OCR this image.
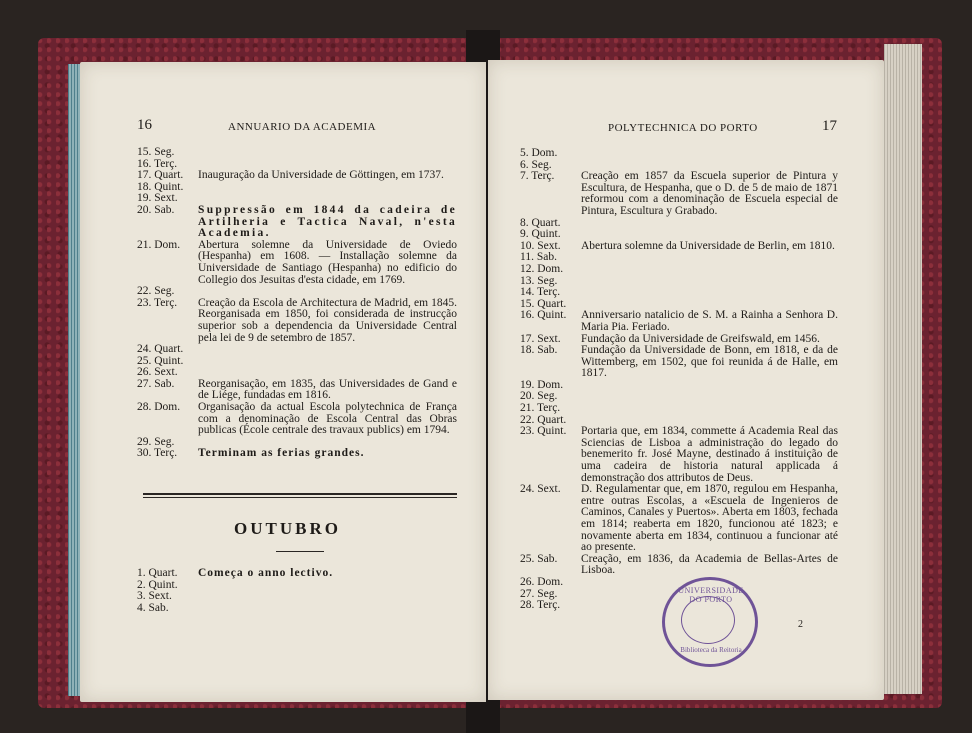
16	ANNUARIO DA ACADEMIA
15. Seg.
16. Terç.
17. Quart.	Inauguração da Universidade de Göttingen, em 1737.
18. Quint.
19. Sext.
20. Sab.	Suppressão em 1844 da cadeira de Artilheria e Tactica Naval, n'esta Academia.
21. Dom.	Abertura solemne da Universidade de Oviedo (Hespanha) em 1608. — Installação solemne da Universidade de Santiago (Hespanha) no edificio do Collegio dos Jesuitas d'esta cidade, em 1769.
22. Seg.
23. Terç.	Creação da Escola de Architectura de Madrid, em 1845. Reorganisada em 1850, foi considerada de instrucção superior sob a dependencia da Universidade Central pela lei de 9 de setembro de 1857.
24. Quart.
25. Quint.
26. Sext.
27. Sab.	Reorganisação, em 1835, das Universidades de Gand e de Liége, fundadas em 1816.
28. Dom.	Organisação da actual Escola polytechnica de França com a denominação de Escola Central das Obras publicas (École centrale des travaux publics) em 1794.
29. Seg.
30. Terç.	Terminam as ferias grandes.
OUTUBRO
1. Quart.	Começa o anno lectivo.
2. Quint.
3. Sext.
4. Sab.
POLYTECHNICA DO PORTO	17
5. Dom.
6. Seg.
7. Terç.	Creação em 1857 da Escuela superior de Pintura y Escultura, de Hespanha, que o D. de 5 de maio de 1871 reformou com a denominação de Escuela especial de Pintura, Escultura y Grabado.
8. Quart.
9. Quint.
10. Sext.	Abertura solemne da Universidade de Berlin, em 1810.
11. Sab.
12. Dom.
13. Seg.
14. Terç.
15. Quart.
16. Quint.	Anniversario natalicio de S. M. a Rainha a Senhora D. Maria Pia. Feriado.
17. Sext.	Fundação da Universidade de Greifswald, em 1456.
18. Sab.	Fundação da Universidade de Bonn, em 1818, e da de Wittemberg, em 1502, que foi reunida á de Halle, em 1817.
19. Dom.
20. Seg.
21. Terç.
22. Quart.
23. Quint.	Portaria que, em 1834, commette á Academia Real das Sciencias de Lisboa a administração do legado do benemerito fr. José Mayne, destinado á instituição de uma cadeira de historia natural applicada á demonstração dos attributos de Deus.
24. Sext.	D. Regulamentar que, em 1870, regulou em Hespanha, entre outras Escolas, a «Escuela de Ingenieros de Caminos, Canales y Puertos». Aberta em 1803, fechada em 1814; reaberta em 1820, funcionou até 1823; e novamente aberta em 1834, continuou a funcionar até ao presente.
25. Sab.	Creação, em 1836, da Academia de Bellas-Artes de Lisboa.
26. Dom.
27. Seg.
28. Terç.
UNIVERSIDADE DO PORTO
Biblioteca da Reitoria
2
